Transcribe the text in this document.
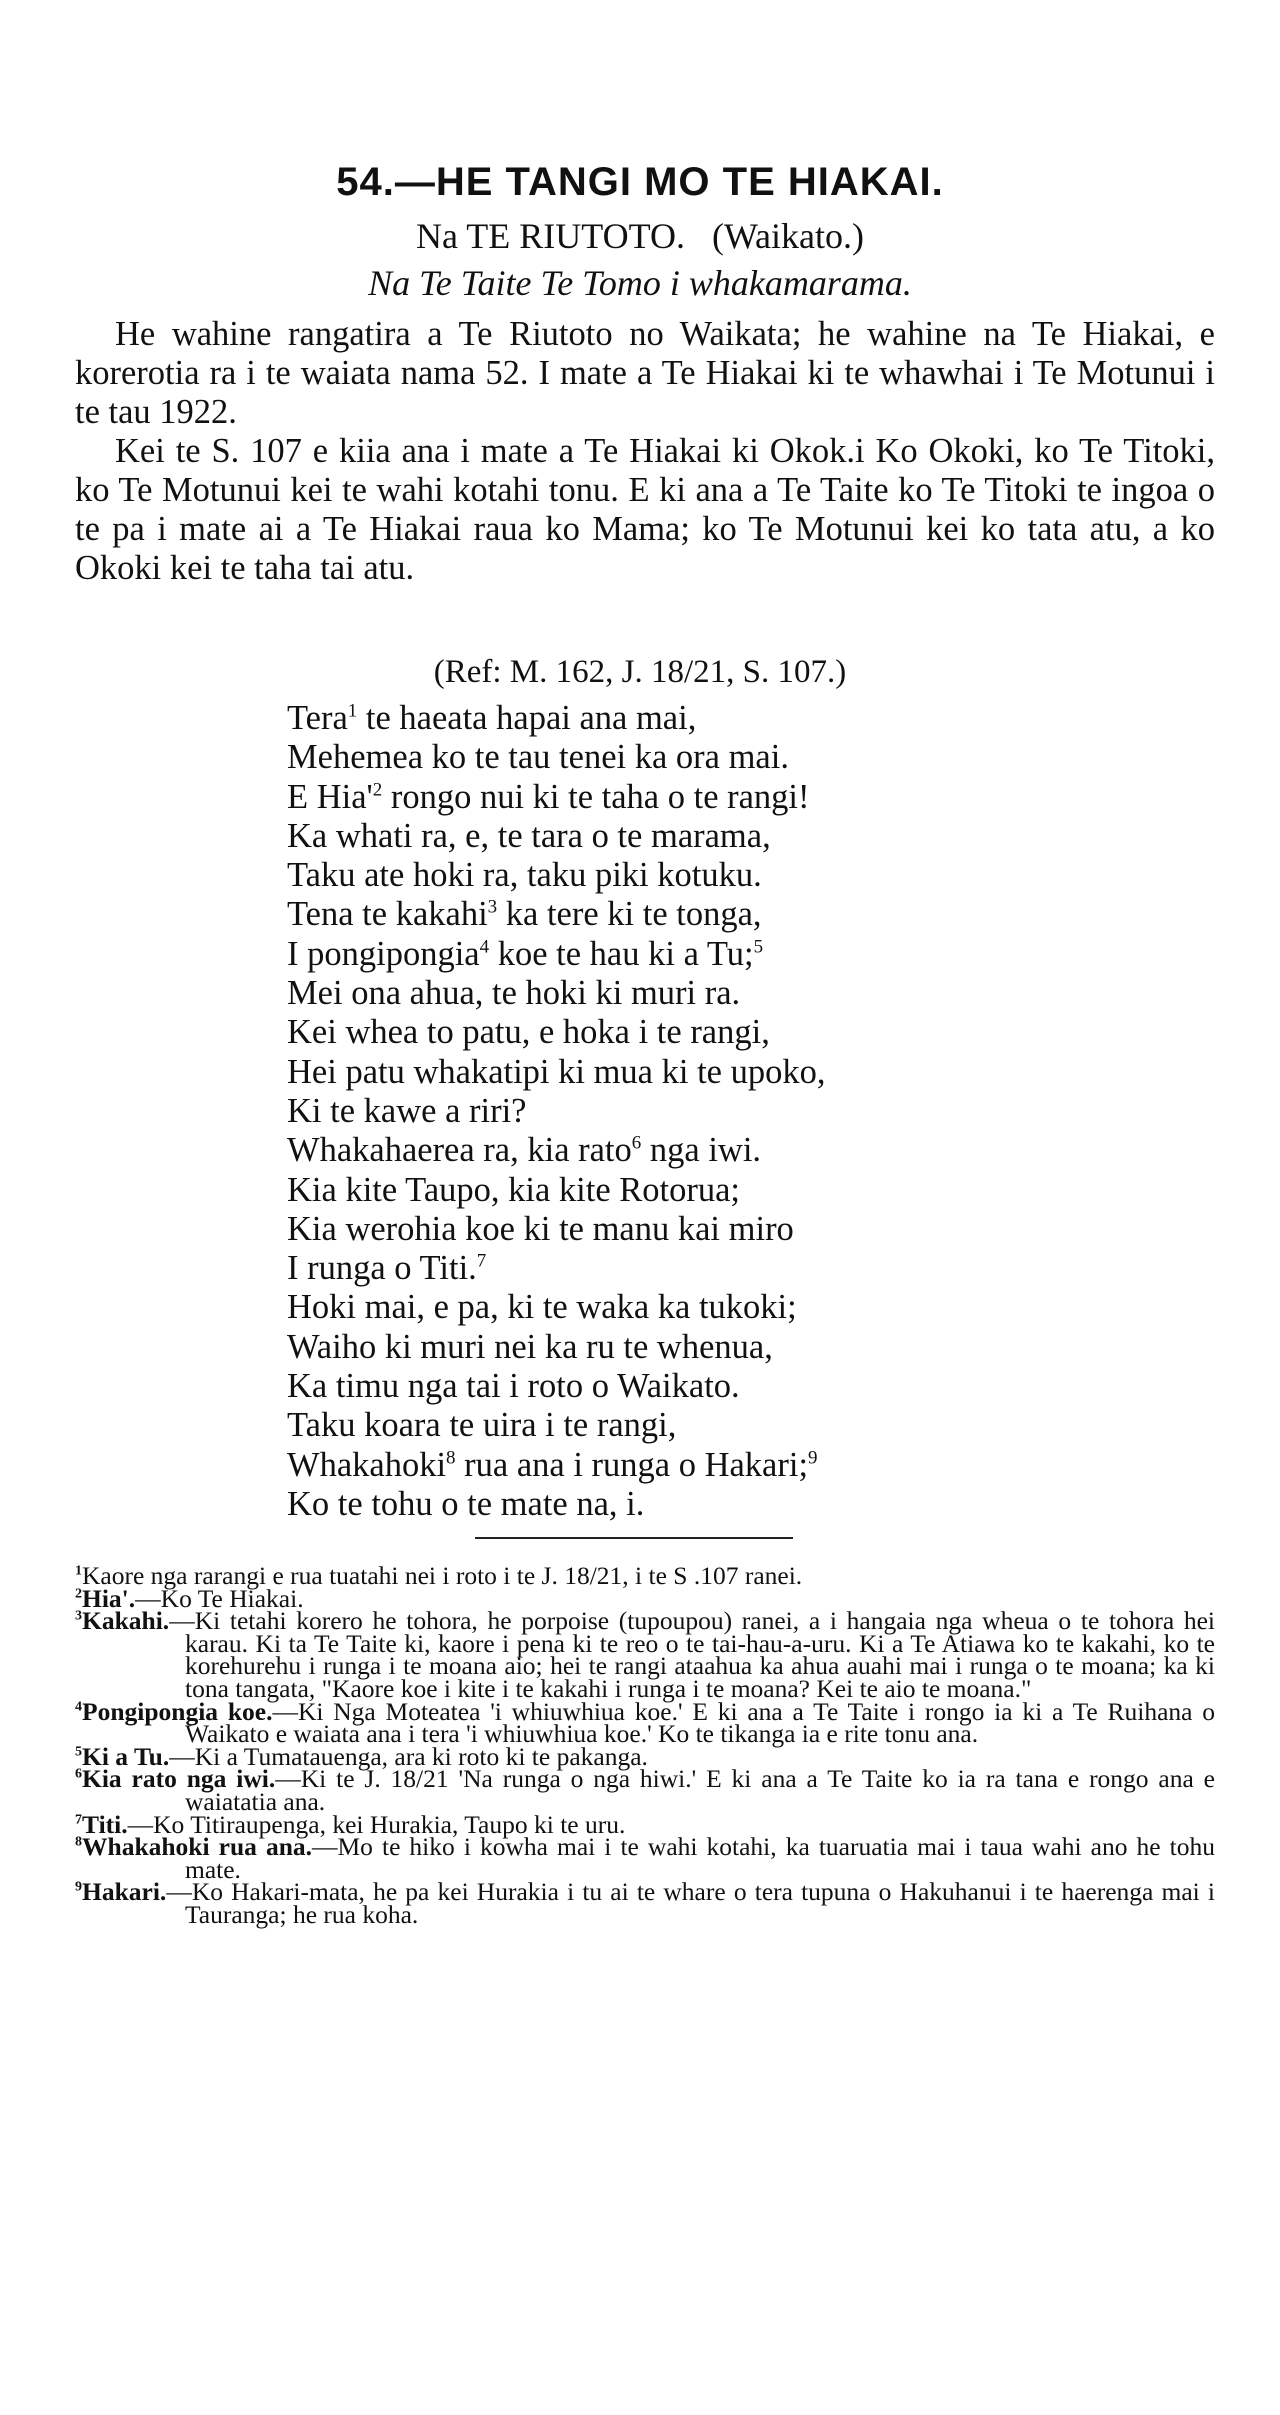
54.—HE TANGI MO TE HIAKAI.
Na TE RIUTOTO.   (Waikato.)
Na Te Taite Te Tomo i whakamarama.

He wahine rangatira a Te Riutoto no Waikata; he wahine na Te Hiakai, e korerotia ra i te waiata nama 52. I mate a Te Hiakai ki te whawhai i Te Motunui i te tau 1922.

Kei te S. 107 e kiia ana i mate a Te Hiakai ki Okok.i Ko Okoki, ko Te Titoki, ko Te Motunui kei te wahi kotahi tonu. E ki ana a Te Taite ko Te Titoki te ingoa o te pa i mate ai a Te Hiakai raua ko Mama; ko Te Motunui kei ko tata atu, a ko Okoki kei te taha tai atu.

(Ref: M. 162, J. 18/21, S. 107.)
Tera$^1$ te haeata hapai ana mai,
Mehemea ko te tau tenei ka ora mai.
E $Hia'^2$ rongo nui ki te taha o te rangi!
Ka whati ra, e, te tara o te marama,
Taku ate hoki ra, taku piki kotuku.
Tena te kakahi$^3$ ka tere ki te tonga,
I pongipongia$^4$ koe te hau ki a Tu;$^5$
Mei ona ahua, te hoki ki muri ra.
Kei whea to patu, e hoka i te rangi,
Hei patu whakatipi ki mua ki te upoko,
Ki te kawe a riri?
Whakahaerea ra, kia rato$^6$ nga iwi.
Kia kite Taupo, kia kite Rotorua;
Kia werohia koe ki te manu kai miro
I runga o Titi.$^7$
Hoki mai, e pa, ki te waka ka tukoki;
Waiho ki muri nei ka ru te whenua,
Ka timu nga tai i roto o Waikato.
Taku koara te uira i te rangi,
Whakahoki$^8$ rua ana i runga o Hakari;$^9$
Ko te tohu o te mate na, i.

$^1$Kaore nga rarangi e rua tuatahi nei i roto i te J. 18/21, i te S .107 ranei.

$^2$Hia'.—Ko Te Hiakai.

$^3$Kakahi.—Ki tetahi korero he tohora, he porpoise (tupoupou) ranei, a i hangaia nga wheua o te tohora hei karau. Ki ta Te Taite ki, kaore i pena ki te reo o te tai-hau-a-uru. Ki a Te Atiawa ko te kakahi, ko te korehurehu i runga i te moana aio; hei te rangi ataahua ka ahua auahi mai i runga o te moana; ka ki tona tangata, "Kaore koe i kite i te kakahi i runga i te moana? Kei te aio te moana."

$^4$Pongipongia koe.—Ki Nga Moteatea 'i whiuwhiua koe.' E ki ana a Te Taite i rongo ia ki a Te Ruihana o Waikato e waiata ana i tera 'i whiuwhiua koe.' Ko te tikanga ia e rite tonu ana.

$^5$Ki a Tu.—Ki a Tumatauenga, ara ki roto ki te pakanga.

$^6$Kia rato nga iwi.—Ki te J. 18/21 'Na runga o nga hiwi.' E ki ana a Te Taite ko ia ra tana e rongo ana e waiatatia ana.

$^7$Titi.—Ko Titiraupenga, kei Hurakia, Taupo ki te uru.

$^8$Whakahoki rua ana.—Mo te hiko i kowha mai i te wahi kotahi, ka tuaruatia mai i taua wahi ano he tohu mate.

$^9$Hakari.—Ko Hakari-mata, he pa kei Hurakia i tu ai te whare o tera tupuna o Hakuhanui i te haerenga mai i Tauranga; he rua koha.
